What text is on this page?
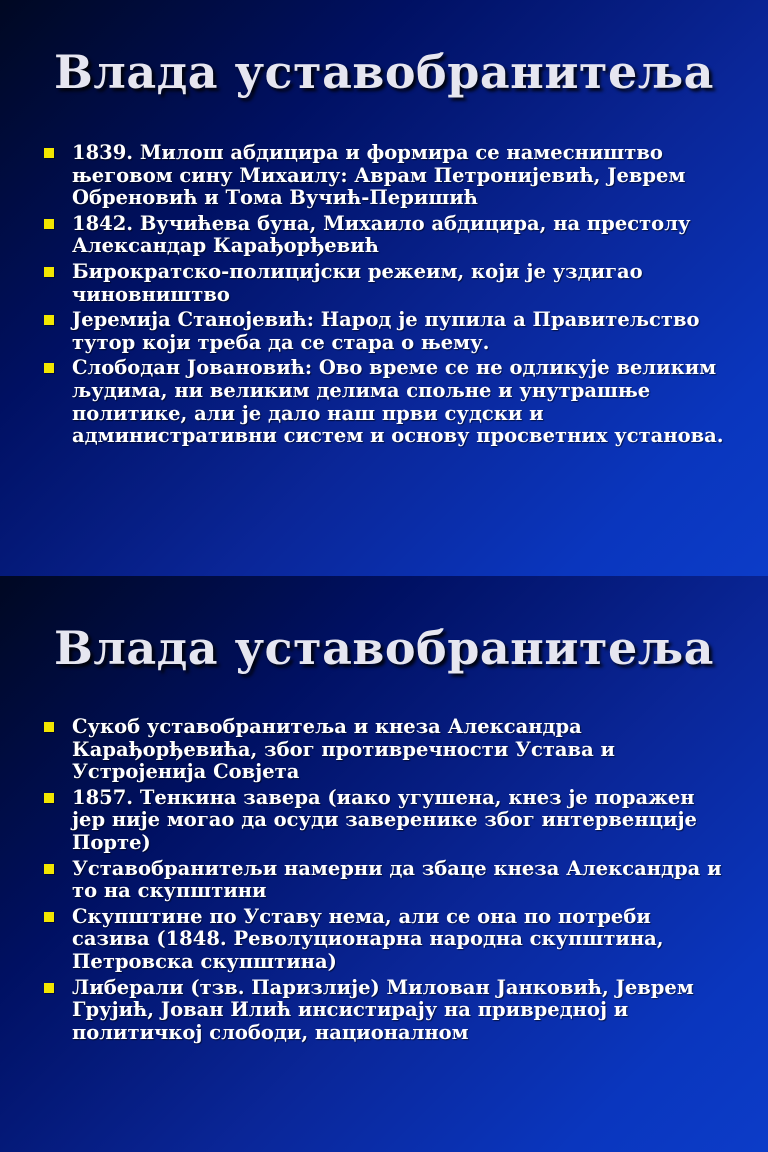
Влада уставобранитеља
1839. Милош абдицира и формира се намесништво његовом сину Михаилу: Аврам Петронијевић, Јеврем Обреновић и Тома Вучић-Перишић
1842. Вучићева буна, Михаило абдицира, на престолу Александар Карађорђевић
Бирократско-полицијски режеим, који је уздигао чиновништво
Јеремија Станојевић: Народ је пупила а Правитељство тутор који треба да се стара о њему.
Слободан Јовановић: Ово време се не одликује великим људима, ни великим делима спољне и унутрашње политике, али је дало наш први судски и административни систем и основу просветних установа.
Влада уставобранитеља
Сукоб уставобранитеља и кнеза Александра Карађорђевића, због противречности Устава и Устројенија Совјета
1857. Тенкина завера (иако угушена, кнез је поражен јер није могао да осуди заверенике због интервенције Порте)
Уставобранитељи намерни да збаце кнеза Александра и то на скупштини
Скупштине по Уставу нема, али се она по потреби сазива (1848. Револуционарна народна скупштина, Петровска скупштина)
Либерали (тзв. Паризлије) Милован Јанковић, Јеврем Грујић, Јован Илић инсистирају на привредној и политичкој слободи, националном
